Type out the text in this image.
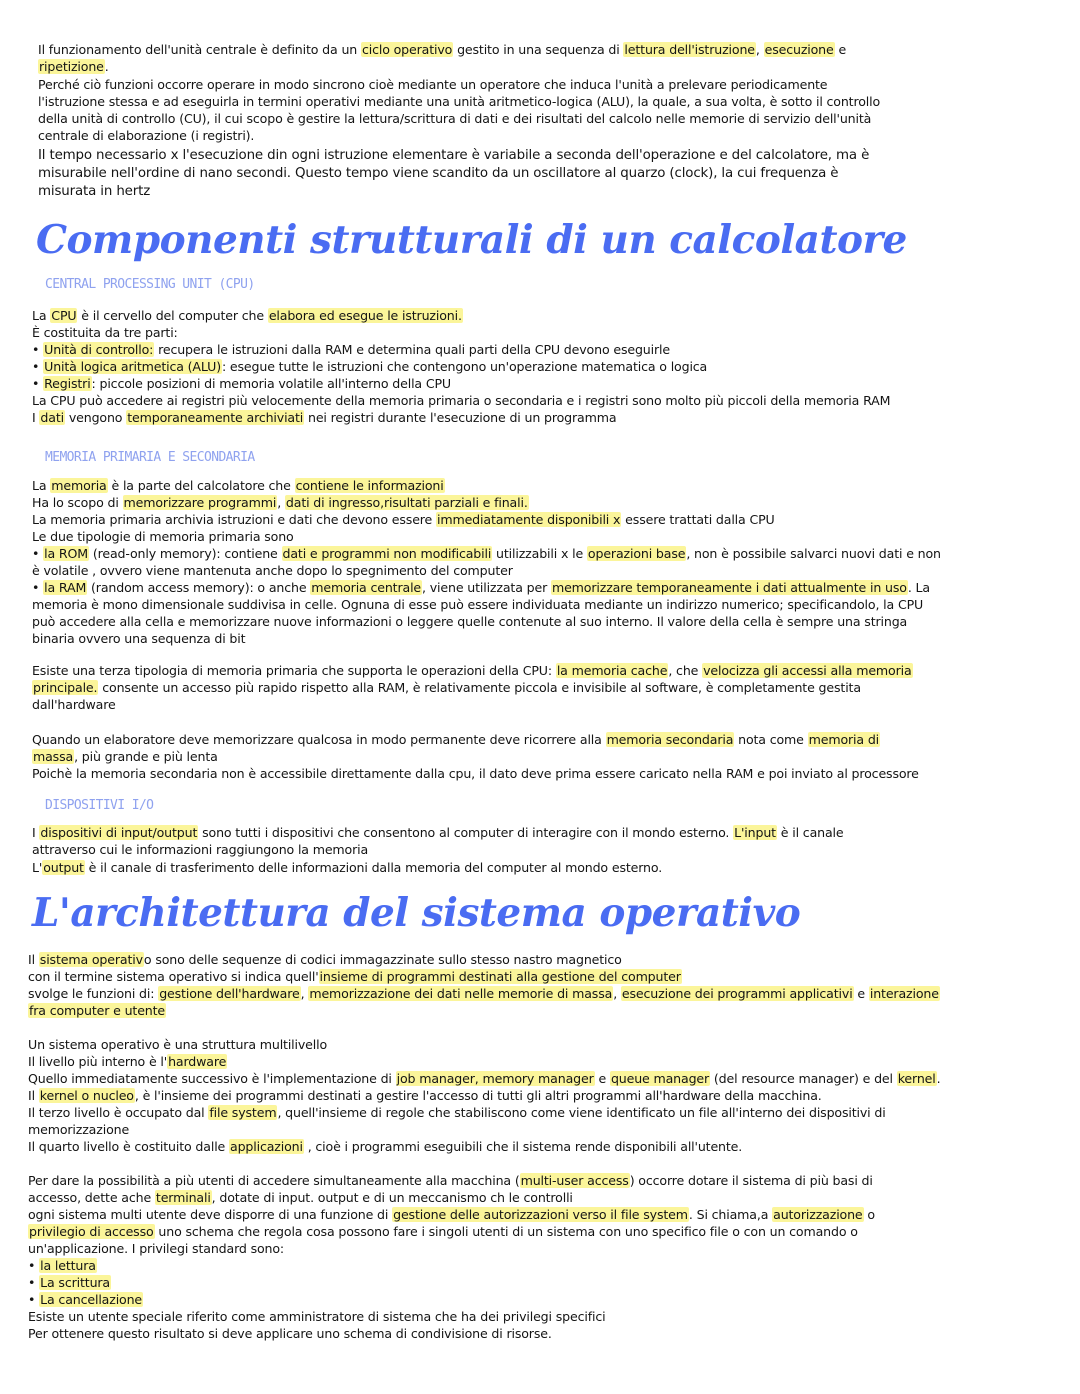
Il funzionamento dell'unità centrale è definito da un ciclo operativo gestito in una sequenza di lettura dell'istruzione, esecuzione e
ripetizione.
Perché ciò funzioni occorre operare in modo sincrono cioè mediante un operatore che induca l'unità a prelevare periodicamente
l'istruzione stessa e ad eseguirla in termini operativi mediante una unità aritmetico-logica (ALU), la quale, a sua volta, è sotto il controllo
della unità di controllo (CU), il cui scopo è gestire la lettura/scrittura di dati e dei risultati del calcolo nelle memorie di servizio dell'unità
centrale di elaborazione (i registri).
Il tempo necessario x l'esecuzione din ogni istruzione elementare è variabile a seconda dell'operazione e del calcolatore, ma è
misurabile nell'ordine di nano secondi. Questo tempo viene scandito da un oscillatore al quarzo (clock), la cui frequenza è
misurata in hertz
Componenti strutturali di un calcolatore
CENTRAL PROCESSING UNIT (CPU)
La CPU è il cervello del computer che elabora ed esegue le istruzioni.
È costituita da tre parti:
• Unità di controllo: recupera le istruzioni dalla RAM e determina quali parti della CPU devono eseguirle
• Unità logica aritmetica (ALU): esegue tutte le istruzioni che contengono un'operazione matematica o logica
• Registri: piccole posizioni di memoria volatile all'interno della CPU
La CPU può accedere ai registri più velocemente della memoria primaria o secondaria e i registri sono molto più piccoli della memoria RAM
I dati vengono temporaneamente archiviati nei registri durante l'esecuzione di un programma
MEMORIA PRIMARIA E SECONDARIA
La memoria è la parte del calcolatore che contiene le informazioni
Ha lo scopo di memorizzare programmi, dati di ingresso,risultati parziali e finali.
La memoria primaria archivia istruzioni e dati che devono essere immediatamente disponibili x essere trattati dalla CPU
Le due tipologie di memoria primaria sono
• la ROM (read-only memory): contiene dati e programmi non modificabili utilizzabili x le operazioni base, non è possibile salvarci nuovi dati e non
è volatile , ovvero viene mantenuta anche dopo lo spegnimento del computer
• la RAM (random access memory): o anche memoria centrale, viene utilizzata per memorizzare temporaneamente i dati attualmente in uso. La
memoria è mono dimensionale suddivisa in celle. Ognuna di esse può essere individuata mediante un indirizzo numerico; specificandolo, la CPU
può accedere alla cella e memorizzare nuove informazioni o leggere quelle contenute al suo interno. Il valore della cella è sempre una stringa
binaria ovvero una sequenza di bit
Esiste una terza tipologia di memoria primaria che supporta le operazioni della CPU: la memoria cache, che velocizza gli accessi alla memoria
principale. consente un accesso più rapido rispetto alla RAM, è relativamente piccola e invisibile al software, è completamente gestita
dall'hardware
Quando un elaboratore deve memorizzare qualcosa in modo permanente deve ricorrere alla memoria secondaria nota come memoria di
massa, più grande e più lenta
Poichè la memoria secondaria non è accessibile direttamente dalla cpu, il dato deve prima essere caricato nella RAM e poi inviato al processore
DISPOSITIVI I/O
I dispositivi di input/output sono tutti i dispositivi che consentono al computer di interagire con il mondo esterno. L'input è il canale
attraverso cui le informazioni raggiungono la memoria
L'output è il canale di trasferimento delle informazioni dalla memoria del computer al mondo esterno.
L'architettura del sistema operativo
Il sistema operativo sono delle sequenze di codici immagazzinate sullo stesso nastro magnetico
con il termine sistema operativo si indica quell'insieme di programmi destinati alla gestione del computer
svolge le funzioni di: gestione dell'hardware, memorizzazione dei dati nelle memorie di massa, esecuzione dei programmi applicativi e interazione
fra computer e utente
Un sistema operativo è una struttura multilivello
Il livello più interno è l'hardware
Quello immediatamente successivo è l'implementazione di job manager, memory manager e queue manager (del resource manager) e del kernel.
Il kernel o nucleo, è l'insieme dei programmi destinati a gestire l'accesso di tutti gli altri programmi all'hardware della macchina.
Il terzo livello è occupato dal file system, quell'insieme di regole che stabiliscono come viene identificato un file all'interno dei dispositivi di
memorizzazione
Il quarto livello è costituito dalle applicazioni , cioè i programmi eseguibili che il sistema rende disponibili all'utente.
Per dare la possibilità a più utenti di accedere simultaneamente alla macchina (multi-user access) occorre dotare il sistema di più basi di
accesso, dette ache terminali, dotate di input. output e di un meccanismo ch le controlli
ogni sistema multi utente deve disporre di una funzione di gestione delle autorizzazioni verso il file system. Si chiama,a autorizzazione o
privilegio di accesso uno schema che regola cosa possono fare i singoli utenti di un sistema con uno specifico file o con un comando o
un'applicazione. I privilegi standard sono:
• la lettura
• La scrittura
• La cancellazione
Esiste un utente speciale riferito come amministratore di sistema che ha dei privilegi specifici
Per ottenere questo risultato si deve applicare uno schema di condivisione di risorse.
